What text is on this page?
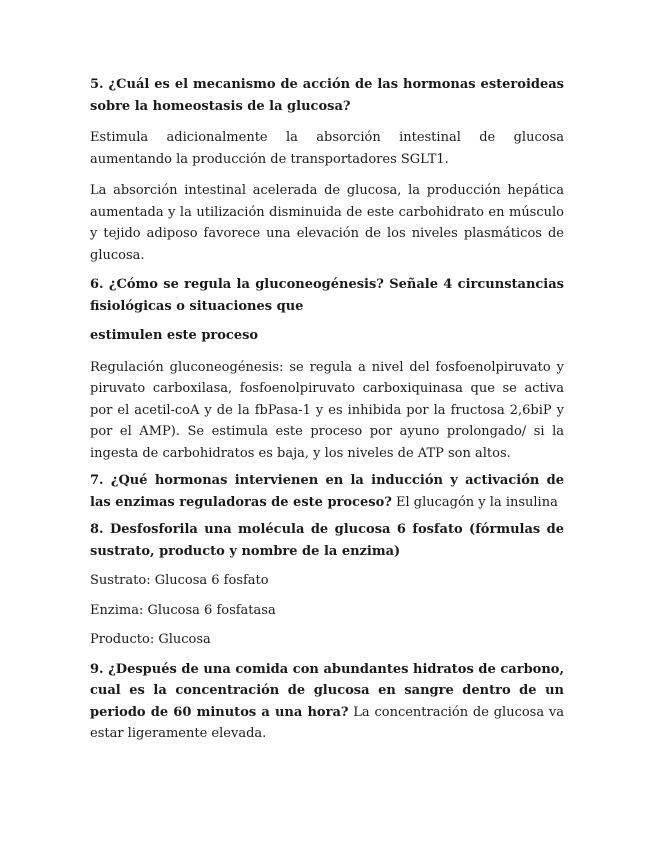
5. ¿Cuál es el mecanismo de acción de las hormonas esteroideas sobre la homeostasis de la glucosa?

Estimula adicionalmente la absorción intestinal de glucosa aumentando la producción de transportadores SGLT1.

La absorción intestinal acelerada de glucosa, la producción hepática aumentada y la utilización disminuida de este carbohidrato en músculo y tejido adiposo favorece una elevación de los niveles plasmáticos de glucosa.

6. ¿Cómo se regula la gluconeogénesis? Señale 4 circunstancias fisiológicas o situaciones que

estimulen este proceso

Regulación gluconeogénesis: se regula a nivel del fosfoenolpiruvato y piruvato carboxilasa, fosfoenolpiruvato carboxiquinasa que se activa por el acetil-coA y de la fbPasa-1 y es inhibida por la fructosa 2,6biP y por el AMP). Se estimula este proceso por ayuno prolongado/ si la ingesta de carbohidratos es baja, y los niveles de ATP son altos.

7. ¿Qué hormonas intervienen en la inducción y activación de las enzimas reguladoras de este proceso? El glucagón y la insulina

8. Desfosforila una molécula de glucosa 6 fosfato (fórmulas de sustrato, producto y nombre de la enzima)

Sustrato: Glucosa 6 fosfato

Enzima: Glucosa 6 fosfatasa

Producto: Glucosa

9. ¿Después de una comida con abundantes hidratos de carbono, cual es la concentración de glucosa en sangre dentro de un periodo de 60 minutos a una hora? La concentración de glucosa va estar ligeramente elevada.
